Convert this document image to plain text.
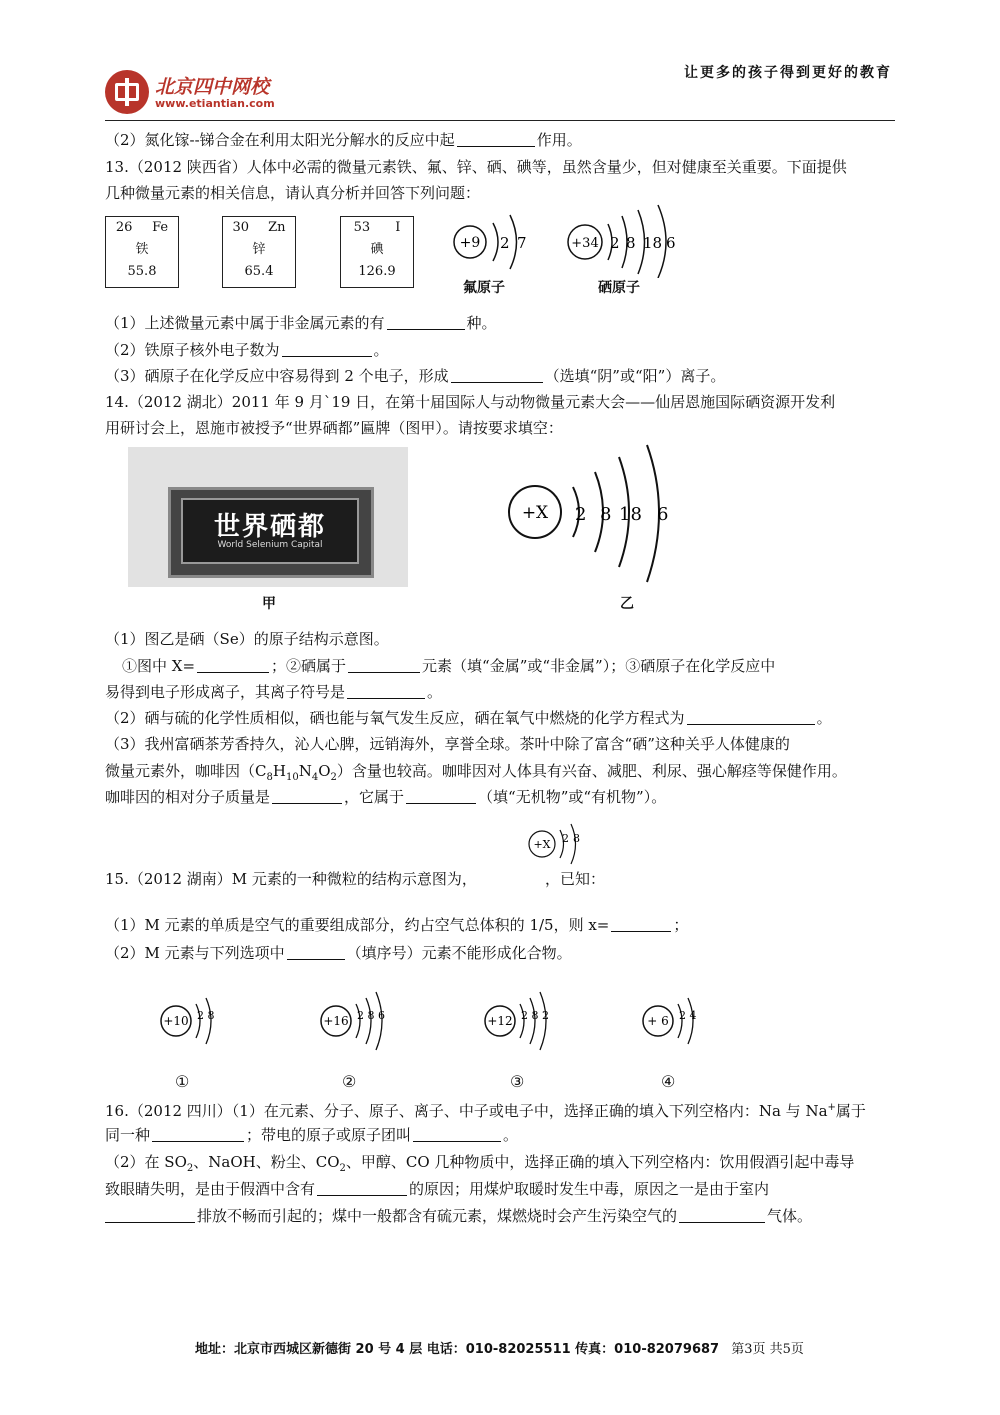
让更多的孩子得到更好的教育
北京四中网校
www.etiantian.com
（2）氮化镓--锑合金在利用太阳光分解水的反应中起	作用。
13.（2012 陕西省）人体中必需的微量元素铁、氟、锌、硒、碘等，虽然含量少，但对健康至关重要。下面提供
几种微量元素的相关信息，请认真分析并回答下列问题：
26 Fe
铁
55.8
30 Zn
锌
65.4
53 I
碘
126.9
+9 2 7
氟原子
+34 2 8 18 6
硒原子
（1）上述微量元素中属于非金属元素的有	种。
（2）铁原子核外电子数为	。
（3）硒原子在化学反应中容易得到 2 个电子，形成	（选填“阴”或“阳”）离子。
14.（2012 湖北）2011 年 9 月`19 日，在第十届国际人与动物微量元素大会——仙居恩施国际硒资源开发利
用研讨会上，恩施市被授予“世界硒都”匾牌（图甲）。请按要求填空：
世界硒都
World Selenium Capital
甲
+X 2 8 18 6
乙
（1）图乙是硒（Se）的原子结构示意图。
①图中 X=	；②硒属于	元素（填“金属”或“非金属”）；③硒原子在化学反应中
易得到电子形成离子，其离子符号是	。
（2）硒与硫的化学性质相似，硒也能与氧气发生反应，硒在氧气中燃烧的化学方程式为	。
（3）我州富硒茶芳香持久，沁人心脾，远销海外，享誉全球。茶叶中除了富含“硒”这种关乎人体健康的
微量元素外，咖啡因$(C_8H_{10}N_4O_2)$含量也较高。咖啡因对人体具有兴奋、减肥、利尿、强心解痉等保健作用。
咖啡因的相对分子质量是	，它属于	（填“无机物”或“有机物”）。
+X 2 8
15.（2012 湖南）M 元素的一种微粒的结构示意图为，	，已知：
（1）M 元素的单质是空气的重要组成部分，约占空气总体积的 1/5，则 x=	；
（2）M 元素与下列选项中	（填序号）元素不能形成化合物。
+10 2 8	+16 2 8 6	+12 2 8 2	+ 6 2 4
①	②	③	④
16.（2012 四川）（1）在元素、分子、原子、离子、中子或电子中，选择正确的填入下列空格内：Na 与 Na+属于
同一种	；带电的原子或原子团叫	。
（2）在 $SO_2$、NaOH、粉尘、$CO_2$、甲醇、CO 几种物质中，选择正确的填入下列空格内：饮用假酒引起中毒导
致眼睛失明，是由于假酒中含有	的原因；用煤炉取暖时发生中毒，原因之一是由于室内
排放不畅而引起的；煤中一般都含有硫元素，煤燃烧时会产生污染空气的	气体。
地址：北京市西城区新德街 20 号 4 层 电话：010-82025511 传真：010-82079687 第3页 共5页
